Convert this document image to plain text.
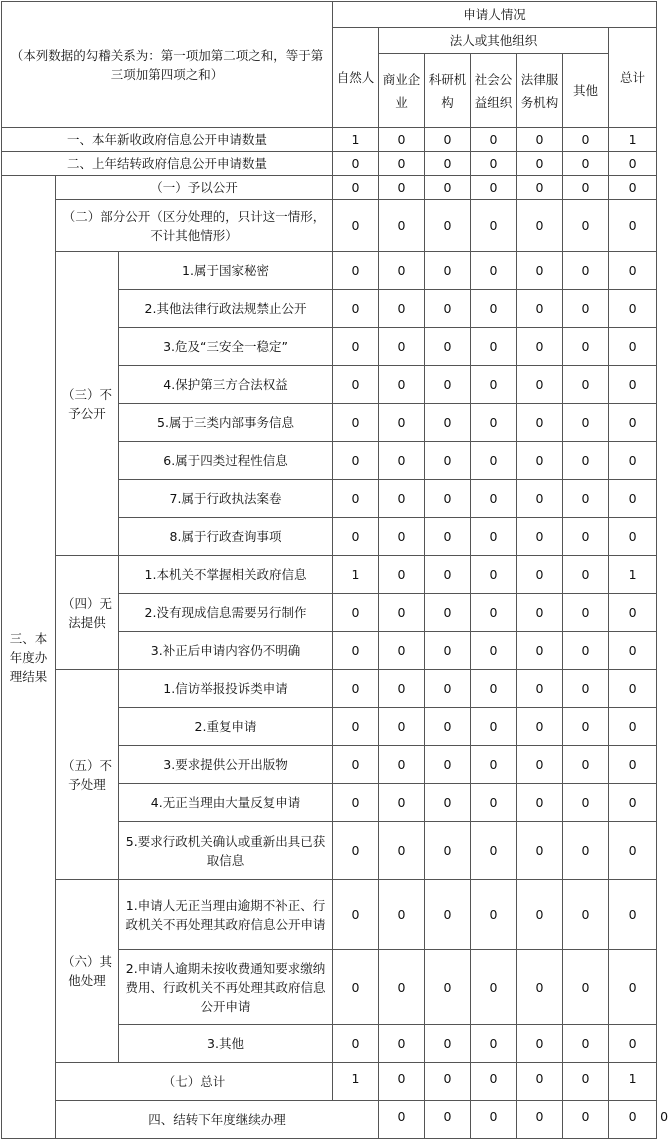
（本列数据的勾稽关系为：第一项加第二项之和，等于第三项加第四项之和）			申请人情况							
			自然人	法人或其他组织					总计	
				商业企业	科研机构	社会公益组织	法律服务机构	其他		
一、本年新收政府信息公开申请数量			1	0	0	0	0	0	1	
二、上年结转政府信息公开申请数量			0	0	0	0	0	0	0	
三、本年度办理结果	（一）予以公开		0	0	0	0	0	0	0	
	（二）部分公开（区分处理的，只计这一情形，不计其他情形）		0	0	0	0	0	0	0	
	（三）不予公开	1.属于国家秘密	0	0	0	0	0	0	0	
		2.其他法律行政法规禁止公开	0	0	0	0	0	0	0	
		3.危及“三安全一稳定”	0	0	0	0	0	0	0	
		4.保护第三方合法权益	0	0	0	0	0	0	0	
		5.属于三类内部事务信息	0	0	0	0	0	0	0	
		6.属于四类过程性信息	0	0	0	0	0	0	0	
		7.属于行政执法案卷	0	0	0	0	0	0	0	
		8.属于行政查询事项	0	0	0	0	0	0	0	
	（四）无法提供	1.本机关不掌握相关政府信息	1	0	0	0	0	0	1	
		2.没有现成信息需要另行制作	0	0	0	0	0	0	0	
		3.补正后申请内容仍不明确	0	0	0	0	0	0	0	
	（五）不予处理	1.信访举报投诉类申请	0	0	0	0	0	0	0	
		2.重复申请	0	0	0	0	0	0	0	
		3.要求提供公开出版物	0	0	0	0	0	0	0	
		4.无正当理由大量反复申请	0	0	0	0	0	0	0	
		5.要求行政机关确认或重新出具已获取信息	0	0	0	0	0	0	0	
	（六）其他处理	1.申请人无正当理由逾期不补正、行政机关不再处理其政府信息公开申请	0	0	0	0	0	0	0	
		2.申请人逾期未按收费通知要求缴纳费用、行政机关不再处理其政府信息公开申请	0	0	0	0	0	0	0	
		3.其他	0	0	0	0	0	0	0	
	（七）总计		1	0	0	0	0	0	1	
	四、结转下年度继续办理			0	0	0	0	0	0	0
